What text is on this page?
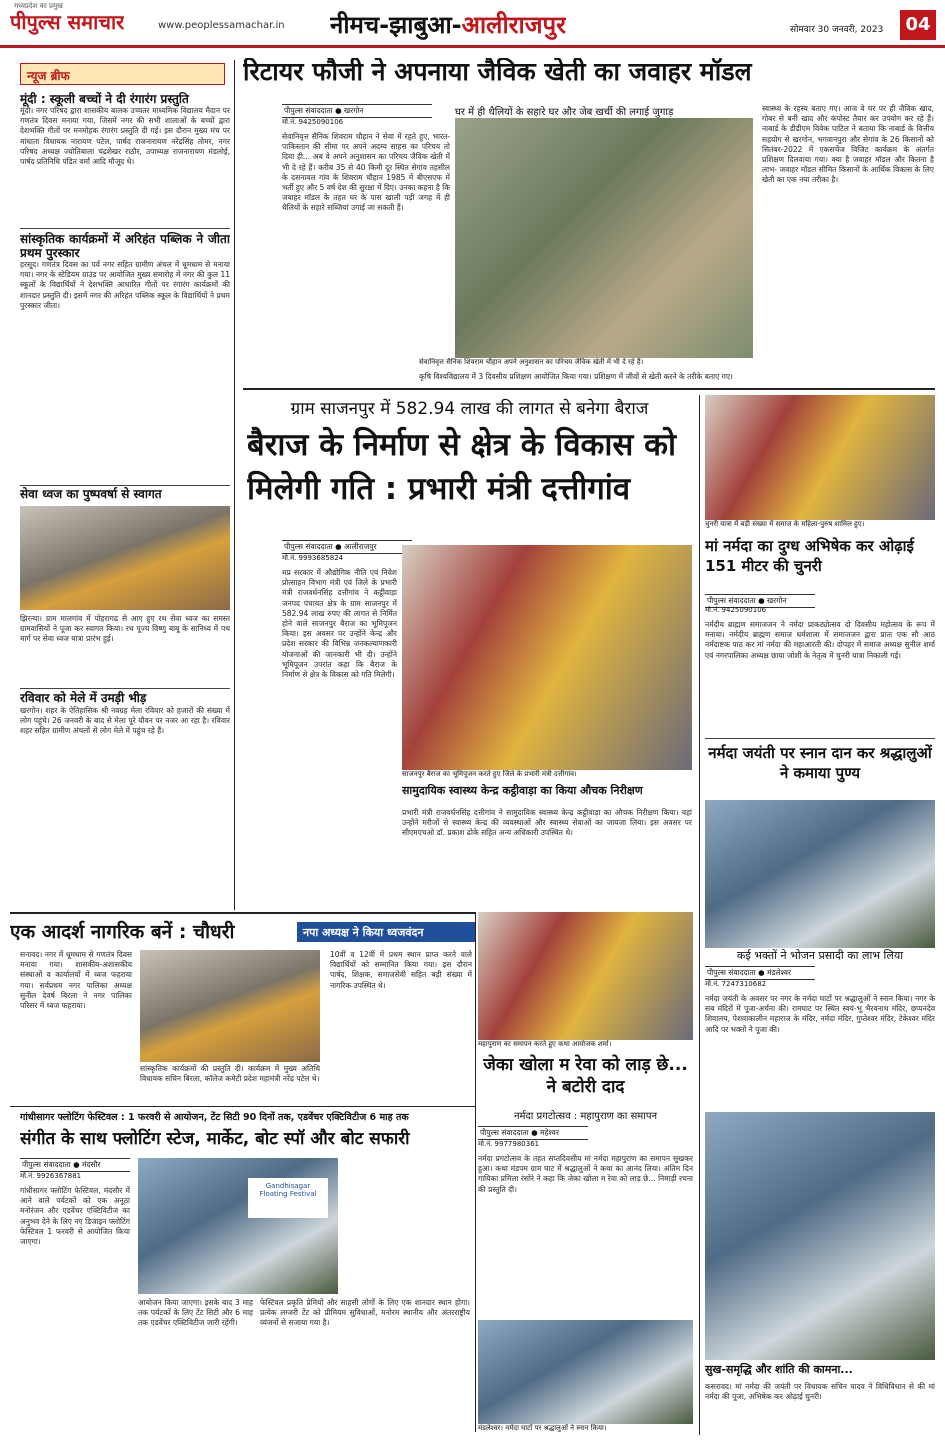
मध्यप्रदेश का प्रमुख
पीपुल्स समाचार	www.peoplessamachar.in नीमच-झाबुआ-आलीराजपुर	सोमवार 30 जनवरी, 2023	04
न्यूज ब्रीफ
मूंदी : स्कूली बच्चों ने दी रंगारंग प्रस्तुति
मूंदी। नगर परिषद द्वारा शासकीय बालक उच्चतर माध्यमिक विद्यालय मैदान पर गणतंत्र दिवस मनाया गया, जिसमें नगर की सभी शालाओं के बच्चों द्वारा देशभक्ति गीतों पर मनमोहक रंगारंग प्रस्तुति दी गई। इस दौरान मुख्य मंच पर मांधाता विधायक नारायण पटेल, पार्षद राजनारायण नरेंद्रसिंह तोमर, नगर परिषद अध्यक्ष ज्योतिबाला चंद्रशेखर राठौर, उपाध्यक्ष राजनारायण मंडलोई, पार्षद प्रतिनिधि पंडित वर्मा आदि मौजूद थे।
सांस्कृतिक कार्यक्रमों में अरिहंत पब्लिक ने जीता प्रथम पुरस्कार
हरसूद। गणतंत्र दिवस का पर्व नगर सहित ग्रामीण अंचल में धूमधाम से मनाया गया। नगर के स्टेडियम ग्राउंड पर आयोजित मुख्य समारोह में नगर की कुल 11 स्कूलों के विद्यार्थियों ने देशभक्ति आधारित गीतों पर रंगारंग कार्यक्रमों की शानदार प्रस्तुति दी। इसमें नगर की अरिहंत पब्लिक स्कूल के विद्यार्थियों ने प्रथम पुरस्कार जीता।
सेवा ध्वज का पुष्पवर्षा से स्वागत
झिरन्या। ग्राम मालगांव में पोहरागढ़ से आए हुए रथ सेवा ध्वज का समस्त ग्रामवासियों ने पूजा कर स्वागत किया। रथ पूज्य विष्णु बाबू के सानिध्य में पथ मार्ग पर सेवा ध्वज यात्रा प्रारंभ हुई।
रविवार को मेले में उमड़ी भीड़
खरगोन। शहर के ऐतिहासिक श्री नवग्रह मेला रविवार को हजारों की संख्या में लोग पहुंचे। 26 जनवरी के बाद से मेला पूरे यौवन पर नजर आ रहा है। रविवार शहर सहित ग्रामीण अंचलों से लोग मेले में पहुंच रहे हैं।
रिटायर फौजी ने अपनाया जैविक खेती का जवाहर मॉडल
घर में ही थैलियों के सहारे घर और जेब खर्ची की लगाई जुगाड़
पीपुल्स संवाददाता ● खरगोन
मो.नं. 9425090106
सेवानिवृत्त सैनिक शिवराम चौहान ने सेवा में रहते हुए, भारत-पाकिस्तान की सीमा पर अपने अदम्य साहस का परिचय तो दिया ही... अब वे अपने अनुशासन का परिचय जैविक खेती में भी दे रहे हैं। करीब 35 से 40 किमी दूर स्थित सेगांव तहसील के दसनावल गांव के शिवराम चौहान 1985 में बीएसएफ में भर्ती हुए और 5 वर्ष देश की सुरक्षा में दिए। उनका कहना है कि जवाहर मॉडल के तहत घर के पास खाली पड़ी जगह में ही थैलियों के सहारे सब्जियां उगाई जा सकती हैं।
सेवानिवृत्त सैनिक शिवराम चौहान अपने अनुशासन का परिचय जैविक खेती में भी दे रहे हैं।
कृषि विश्वविद्यालय में 3 दिवसीय प्रशिक्षण आयोजित किया गया। प्रशिक्षण में जीवों से खेती करने के तरीके बताए गए।
स्वास्थ्य के रहस्य बताए गए। आज वे घर पर ही जैविक खाद, गोबर से बनी खाद और कंपोस्ट तैयार कर उपयोग कर रहे हैं। नाबार्ड के डीडीएम विवेक पाटिल ने बताया कि नाबार्ड के वित्तीय सहयोग से खरगोन, भगवानपुरा और सेगांव के 26 किसानों को सितंबर-2022 में एकसचेंज विजिट कार्यक्रम के अंतर्गत प्रशिक्षण दिलवाया गया। क्या है जवाहर मॉडल और कितना है लाभ- जवाहर मॉडल सीमित किसानों के आर्थिक विकास के लिए खेती का एक नया तरीका है।
ग्राम साजनपुर में 582.94 लाख की लागत से बनेगा बैराज
बैराज के निर्माण से क्षेत्र के विकास को मिलेगी गति : प्रभारी मंत्री दत्तीगांव
पीपुल्स संवाददाता ● आलीराजपुर
मो.नं. 9993685824
मप्र सरकार में औद्योगिक नीति एवं निवेश प्रोत्साहन विभाग मंत्री एवं जिले के प्रभारी मंत्री राजवर्धनसिंह दत्तीगांव ने कट्ठीवाड़ा जनपद पंचायत क्षेत्र के ग्राम साजनपुर में 582.94 लाख रुपए की लागत से निर्मित होने वाले साजनपुर बैराज का भूमिपूजन किया। इस अवसर पर उन्होंने केन्द्र और प्रदेश सरकार की विभिन्न जनकल्याणकारी योजनाओं की जानकारी भी दी। उन्होंने भूमिपूजन उपरांत कहा कि बैराज के निर्माण से क्षेत्र के विकास को गति मिलेगी।
साजनपुर बैराज का भूमिपूजन करते हुए जिले के प्रभारी मंत्री दत्तीगांव।
सामुदायिक स्वास्थ्य केन्द्र कट्ठीवाड़ा का किया औचक निरीक्षण
प्रभारी मंत्री राजवर्धनसिंह दत्तीगांव ने सामुदायिक स्वास्थ्य केन्द्र कट्ठीवाड़ा का औचक निरीक्षण किया। वहां उन्होंने मरीजों से स्वास्थ्य केन्द्र की व्यवस्थाओं और स्वास्थ्य सेवाओं का जायजा लिया। इस अवसर पर सीएमएचओ डॉ. प्रकाश ढोके सहित अन्य अधिकारी उपस्थित थे।
चुनरी यात्रा में बड़ी संख्या में समाज के महिला-पुरुष शामिल हुए।
मां नर्मदा का दुग्ध अभिषेक कर ओढ़ाई 151 मीटर की चुनरी
पीपुल्स संवाददाता ● खरगोन
मो.नं. 9425090106
नर्मदीय ब्राह्मण समाजजन ने नर्मदा प्राकट्योत्सव दो दिवसीय महोत्सव के रूप में मनाया। नर्मदीय ब्राह्मण समाज धर्मशाला में समाजजन द्वारा प्रातः एक सौ आठ नर्मदाष्टक पाठ कर मां नर्मदा की महाआरती की। दोपहर में समाज अध्यक्ष सुनील शर्मा एवं नगरपालिका अध्यक्ष छाया जोशी के नेतृत्व में चुनरी यात्रा निकाली गई।
नर्मदा जयंती पर स्नान दान कर श्रद्धालुओं ने कमाया पुण्य
कई भक्तों ने भोजन प्रसादी का लाभ लिया
पीपुल्स संवाददाता ● मंडलेश्वर
मो.नं. 7247310682
नर्मदा जयंती के अवसर पर नगर के नर्मदा घाटों पर श्रद्धालुओं ने स्नान किया। नगर के सब मंदिरों में पूजा-अर्चना की। रामघाट पर स्थित स्वयं-भू भैरवनाथ मंदिर, छप्पनदेव शिवालय, पेशवाकालीन महाराज के मंदिर, नर्मदा मंदिर, गुप्तेश्वर मंदिर, टेकेश्वर मंदिर आदि पर भक्तों ने पूजा की।
सुख-समृद्धि और शांति की कामना...
कसरावद। मां नर्मदा की जयंती पर विधायक सचिन यादव ने विधिविधान से की मां नर्मदा की पूजा, अभिषेक कर ओढ़ाई चुनरी।
एक आदर्श नागरिक बनें : चौधरी	नपा अध्यक्ष ने किया ध्वजवंदन
सनावद। नगर में धूमधाम से गणतंत्र दिवस मनाया गया। शासकीय-अशासकीय संस्थाओं व कार्यालयों में ध्वज फहराया गया। सर्वप्रथम नगर पालिका अध्यक्ष सुनील देवर्ष बिरला ने नगर पालिका परिसर में ध्वज फहराया।
सांस्कृतिक कार्यक्रमों की प्रस्तुति दी। कार्यक्रम में मुख्य अतिथि विधायक सचिन बिरला, कॉलेज कमेटी प्रदेश महामंत्री नरेंद्र पटेल थे।
10वीं व 12वीं में प्रथम स्थान प्राप्त करने वाले विद्यार्थियों को सम्मानित किया गया। इस दौरान पार्षद, शिक्षक, समाजसेवी सहित बड़ी संख्या में नागरिक उपस्थित थे।
महापुराण का समापन करते हुए कथा आयोजक शर्मा।
जेका खोला म रेवा को लाड़ छे... ने बटोरी दाद
नर्मदा प्रगटोत्सव : महापुराण का समापन
पीपुल्स संवाददाता ● महेश्वर
मो.नं. 9977980361
नर्मदा प्रगटोत्सव के तहत सप्तदिवसीय मां नर्मदा महापुराण का समापन सुखकर हुआ। कथा मंडपम ग्राम घाट में श्रद्धालुओं ने कथा का आनंद लिया। अंतिम दिन गायिका प्रमिला रंसोरे ने कहा कि जेका खोला म रेवा को लाड़ छे... निमाड़ी रचना की प्रस्तुति दी।
मंडलेश्वर। नर्मदा घाटों पर श्रद्धालुओं ने स्नान किया।
गांधीसागर फ्लोटिंग फेस्टिवल : 1 फरवरी से आयोजन, टेंट सिटी 90 दिनों तक, एडवेंचर एक्टिविटीज 6 माह तक
संगीत के साथ फ्लोटिंग स्टेज, मार्केट, बोट स्पॉ और बोट सफारी
पीपुल्स संवाददाता ● मंदसौर
मो.नं. 9926367881
गांधीसागर फ्लोटिंग फेस्टिवल, मंदसौर में आने वाले पर्यटकों को एक अनूठा मनोरंजन और एडवेंचर एक्टिविटीज का अनुभव देने के लिए नए डिजाइन फ्लोटिंग फेस्टिवल 1 फरवरी से आयोजित किया जाएगा।
Gandhisagar Floating Festival
आयोजन किया जाएगा। इसके बाद 3 माह तक पर्यटकों के लिए टेंट सिटी और 6 माह तक एडवेंचर एक्टिविटीज जारी रहेंगी।
फेस्टिवल प्रकृति प्रेमियों और साहसी लोगों के लिए एक शानदार स्थान होगा। प्रत्येक लग्जरी टेंट को प्रीमियम सुविधाओं, मनोरम स्थानीय और अंतरराष्ट्रीय व्यंजनों से सजाया गया है।
